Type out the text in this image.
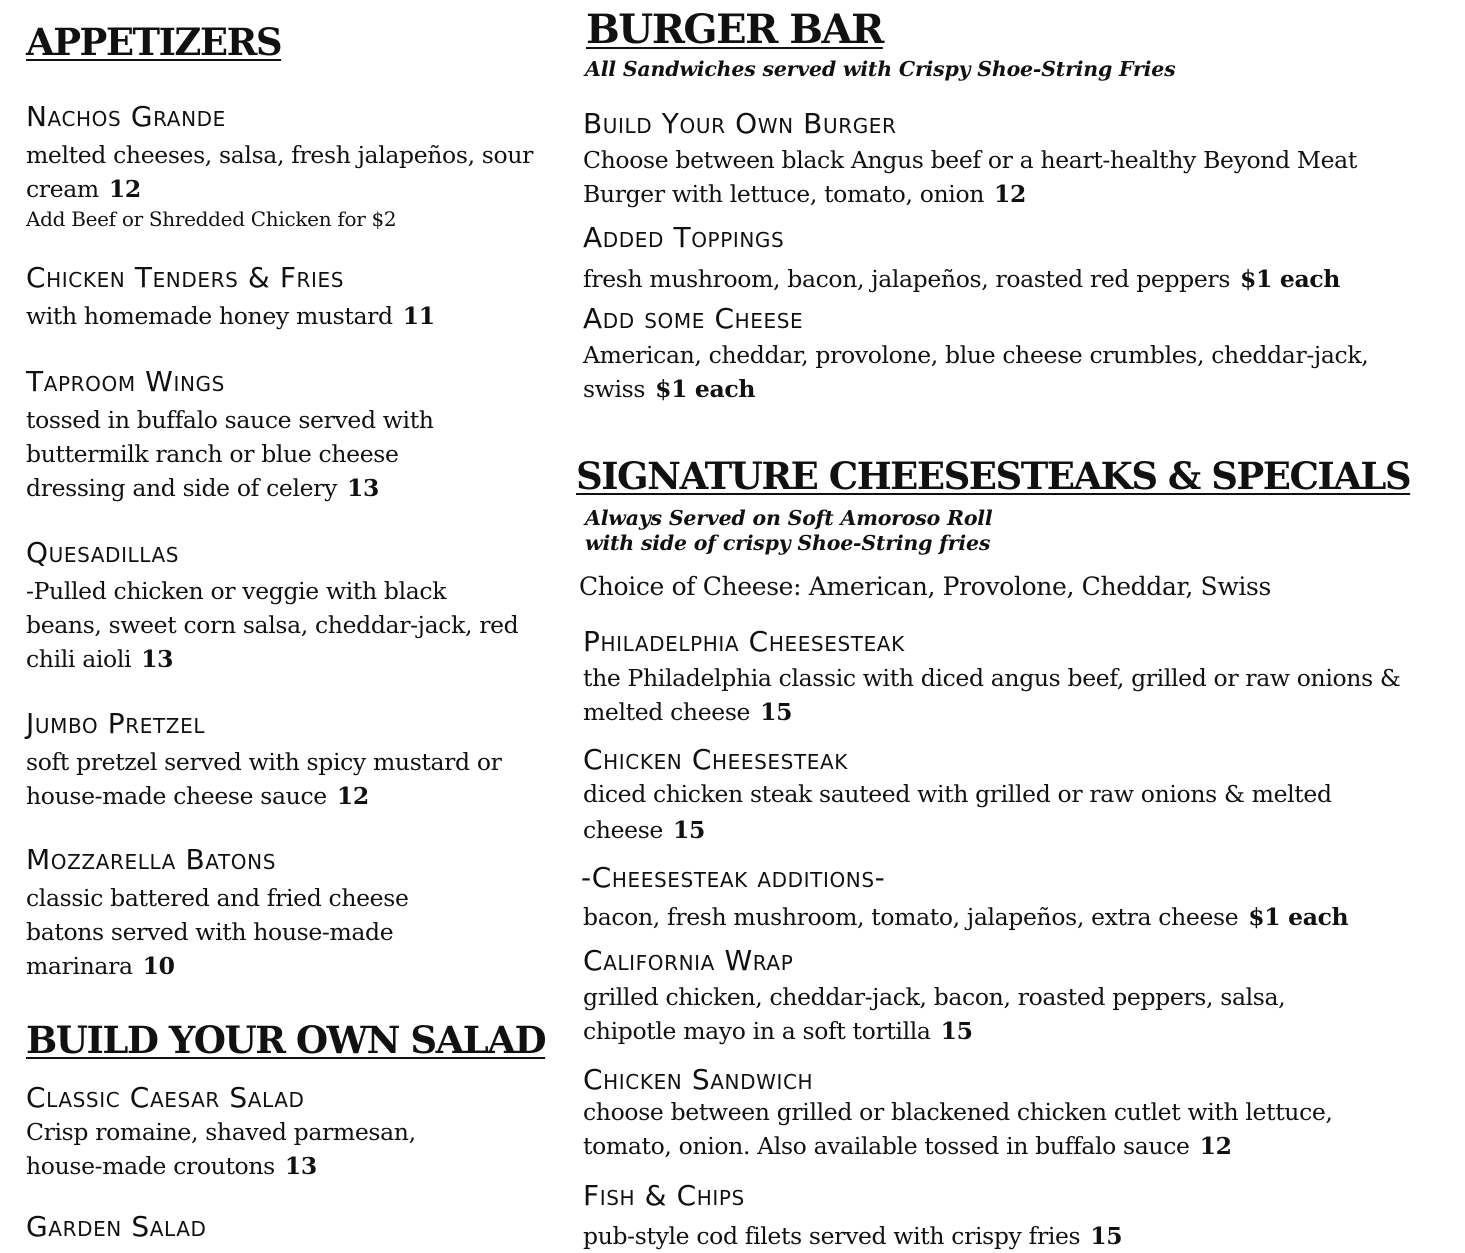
APPETIZERS
Nachos Grande

melted cheeses, salsa, fresh jalapeños, sour cream 12

Add Beef or Shredded Chicken for $2

Chicken Tenders & Fries

with homemade honey mustard 11

Taproom Wings

tossed in buffalo sauce served with buttermilk ranch or blue cheese dressing and side of celery 13

Quesadillas

-Pulled chicken or veggie with black beans, sweet corn salsa, cheddar-jack, red chili aioli 13

Jumbo Pretzel

soft pretzel served with spicy mustard or house-made cheese sauce 12

Mozzarella Batons

classic battered and fried cheese batons served with house-made marinara 10

BUILD YOUR OWN SALAD
Classic Caesar Salad

Crisp romaine, shaved parmesan, house-made croutons 13

Garden Salad
BURGER BAR

All Sandwiches served with Crispy Shoe-String Fries

Build Your Own Burger

Choose between black Angus beef or a heart-healthy Beyond Meat Burger with lettuce, tomato, onion 12

Added Toppings

fresh mushroom, bacon, jalapeños, roasted red peppers $1 each

Add some Cheese

American, cheddar, provolone, blue cheese crumbles, cheddar-jack, swiss $1 each

SIGNATURE CHEESESTEAKS & SPECIALS

Always Served on Soft Amoroso Roll

with side of crispy Shoe-String fries

Choice of Cheese: American, Provolone, Cheddar, Swiss

Philadelphia Cheesesteak

the Philadelphia classic with diced angus beef, grilled or raw onions & melted cheese 15

Chicken Cheesesteak

diced chicken steak sauteed with grilled or raw onions & melted cheese 15

-Cheesesteak additions-

bacon, fresh mushroom, tomato, jalapeños, extra cheese $1 each

California Wrap

grilled chicken, cheddar-jack, bacon, roasted peppers, salsa, chipotle mayo in a soft tortilla 15

Chicken Sandwich

choose between grilled or blackened chicken cutlet with lettuce, tomato, onion. Also available tossed in buffalo sauce 12

Fish & Chips

pub-style cod filets served with crispy fries 15
